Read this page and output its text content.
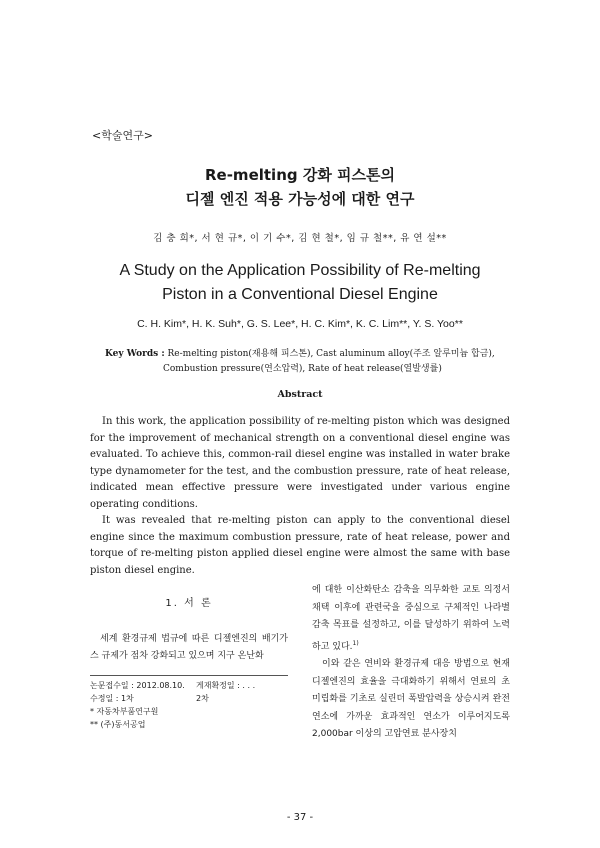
<학술연구>
Re-melting 강화 피스톤의
디젤 엔진 적용 가능성에 대한 연구
김 충 희*, 서 현 규*, 이 기 수*, 김 현 철*, 임 규 철**, 유 연 설**
A Study on the Application Possibility of Re-melting
Piston in a Conventional Diesel Engine
C. H. Kim*, H. K. Suh*, G. S. Lee*, H. C. Kim*, K. C. Lim**, Y. S. Yoo**
Key Words : Re-melting piston(재용해 피스톤), Cast aluminum alloy(주조 알루미늄 합금),
Combustion pressure(연소압력), Rate of heat release(열발생률)
Abstract

In this work, the application possibility of re-melting piston which was designed for the improvement of mechanical strength on a conventional diesel engine was evaluated. To achieve this, common-rail diesel engine was installed in water brake type dynamometer for the test, and the combustion pressure, rate of heat release, indicated mean effective pressure were investigated under various engine operating conditions.

It was revealed that re-melting piston can apply to the conventional diesel engine since the maximum combustion pressure, rate of heat release, power and torque of re-melting piston applied diesel engine were almost the same with base piston diesel engine.

1. 서 론

세계 환경규제 법규에 따른 디젤엔진의 배기가스 규제가 점차 강화되고 있으며 지구 온난화

논문접수일 : 2012.08.10.	게재확정일 : . . .
수정일 : 1차	2차
* 자동차부품연구원
** (주)동서공업

에 대한 이산화탄소 감축을 의무화한 교토 의정서 채택 이후에 관련국을 중심으로 구체적인 나라별 감축 목표를 설정하고, 이를 달성하기 위하여 노력하고 있다.$^{1)}$

이와 같은 연비와 환경규제 대응 방법으로 현재 디젤엔진의 효율을 극대화하기 위해서 연료의 초 미립화를 기초로 실린더 폭발압력을 상승시켜 완전 연소에 가까운 효과적인 연소가 이루어지도록 2,000bar 이상의 고압연료 분사장치

- 37 -
